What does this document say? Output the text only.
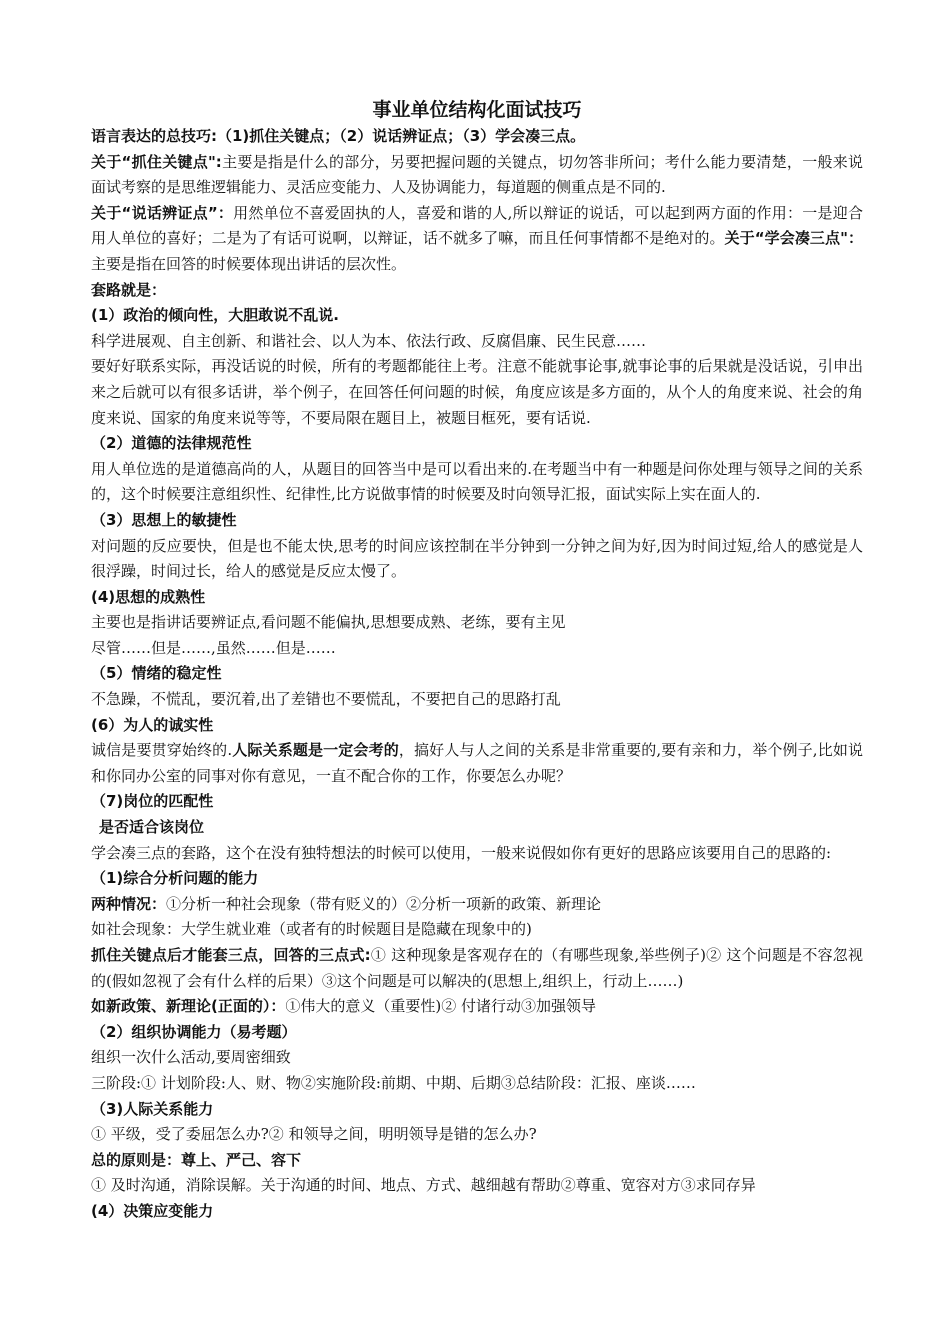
事业单位结构化面试技巧

语言表达的总技巧:（1)抓住关键点；（2）说话辨证点；（3）学会凑三点。

关于“抓住关键点":主要是指是什么的部分，另要把握问题的关键点，切勿答非所问；考什么能力要清楚，一般来说面试考察的是思维逻辑能力、灵活应变能力、人及协调能力，每道题的侧重点是不同的.

关于“说话辨证点”：用然单位不喜爱固执的人，喜爱和谐的人,所以辩证的说话，可以起到两方面的作用：一是迎合用人单位的喜好；二是为了有话可说啊，以辩证，话不就多了嘛，而且任何事情都不是绝对的。关于“学会凑三点"：主要是指在回答的时候要体现出讲话的层次性。

套路就是：

(1）政治的倾向性，大胆敢说不乱说.

科学进展观、自主创新、和谐社会、以人为本、依法行政、反腐倡廉、民生民意……

要好好联系实际，再没话说的时候，所有的考题都能往上考。注意不能就事论事,就事论事的后果就是没话说，引申出来之后就可以有很多话讲，举个例子，在回答任何问题的时候，角度应该是多方面的，从个人的角度来说、社会的角度来说、国家的角度来说等等，不要局限在题目上，被题目框死，要有话说.

（2）道德的法律规范性

用人单位选的是道德高尚的人，从题目的回答当中是可以看出来的.在考题当中有一种题是问你处理与领导之间的关系的，这个时候要注意组织性、纪律性,比方说做事情的时候要及时向领导汇报，面试实际上实在面人的.

（3）思想上的敏捷性

对问题的反应要快，但是也不能太快,思考的时间应该控制在半分钟到一分钟之间为好,因为时间过短,给人的感觉是人很浮躁，时间过长，给人的感觉是反应太慢了。

(4)思想的成熟性

主要也是指讲话要辨证点,看问题不能偏执,思想要成熟、老练，要有主见

尽管……但是……,虽然……但是……

（5）情绪的稳定性

不急躁，不慌乱，要沉着,出了差错也不要慌乱，不要把自己的思路打乱

(6）为人的诚实性

诚信是要贯穿始终的.人际关系题是一定会考的，搞好人与人之间的关系是非常重要的,要有亲和力，举个例子,比如说和你同办公室的同事对你有意见，一直不配合你的工作，你要怎么办呢？

（7)岗位的匹配性

是否适合该岗位

学会凑三点的套路，这个在没有独特想法的时候可以使用，一般来说假如你有更好的思路应该要用自己的思路的:

（1)综合分析问题的能力

两种情况：①分析一种社会现象（带有贬义的）②分析一项新的政策、新理论

如社会现象：大学生就业难（或者有的时候题目是隐藏在现象中的)

抓住关键点后才能套三点，回答的三点式:① 这种现象是客观存在的（有哪些现象,举些例子)② 这个问题是不容忽视的(假如忽视了会有什么样的后果）③这个问题是可以解决的(思想上,组织上，行动上……)

如新政策、新理论(正面的）：①伟大的意义（重要性)② 付诸行动③加强领导

（2）组织协调能力（易考题）

组织一次什么活动,要周密细致

三阶段:① 计划阶段:人、财、物②实施阶段:前期、中期、后期③总结阶段：汇报、座谈……

（3)人际关系能力

① 平级，受了委屈怎么办?② 和领导之间，明明领导是错的怎么办?

总的原则是：尊上、严己、容下

① 及时沟通，消除误解。关于沟通的时间、地点、方式、越细越有帮助②尊重、宽容对方③求同存异

(4）决策应变能力
